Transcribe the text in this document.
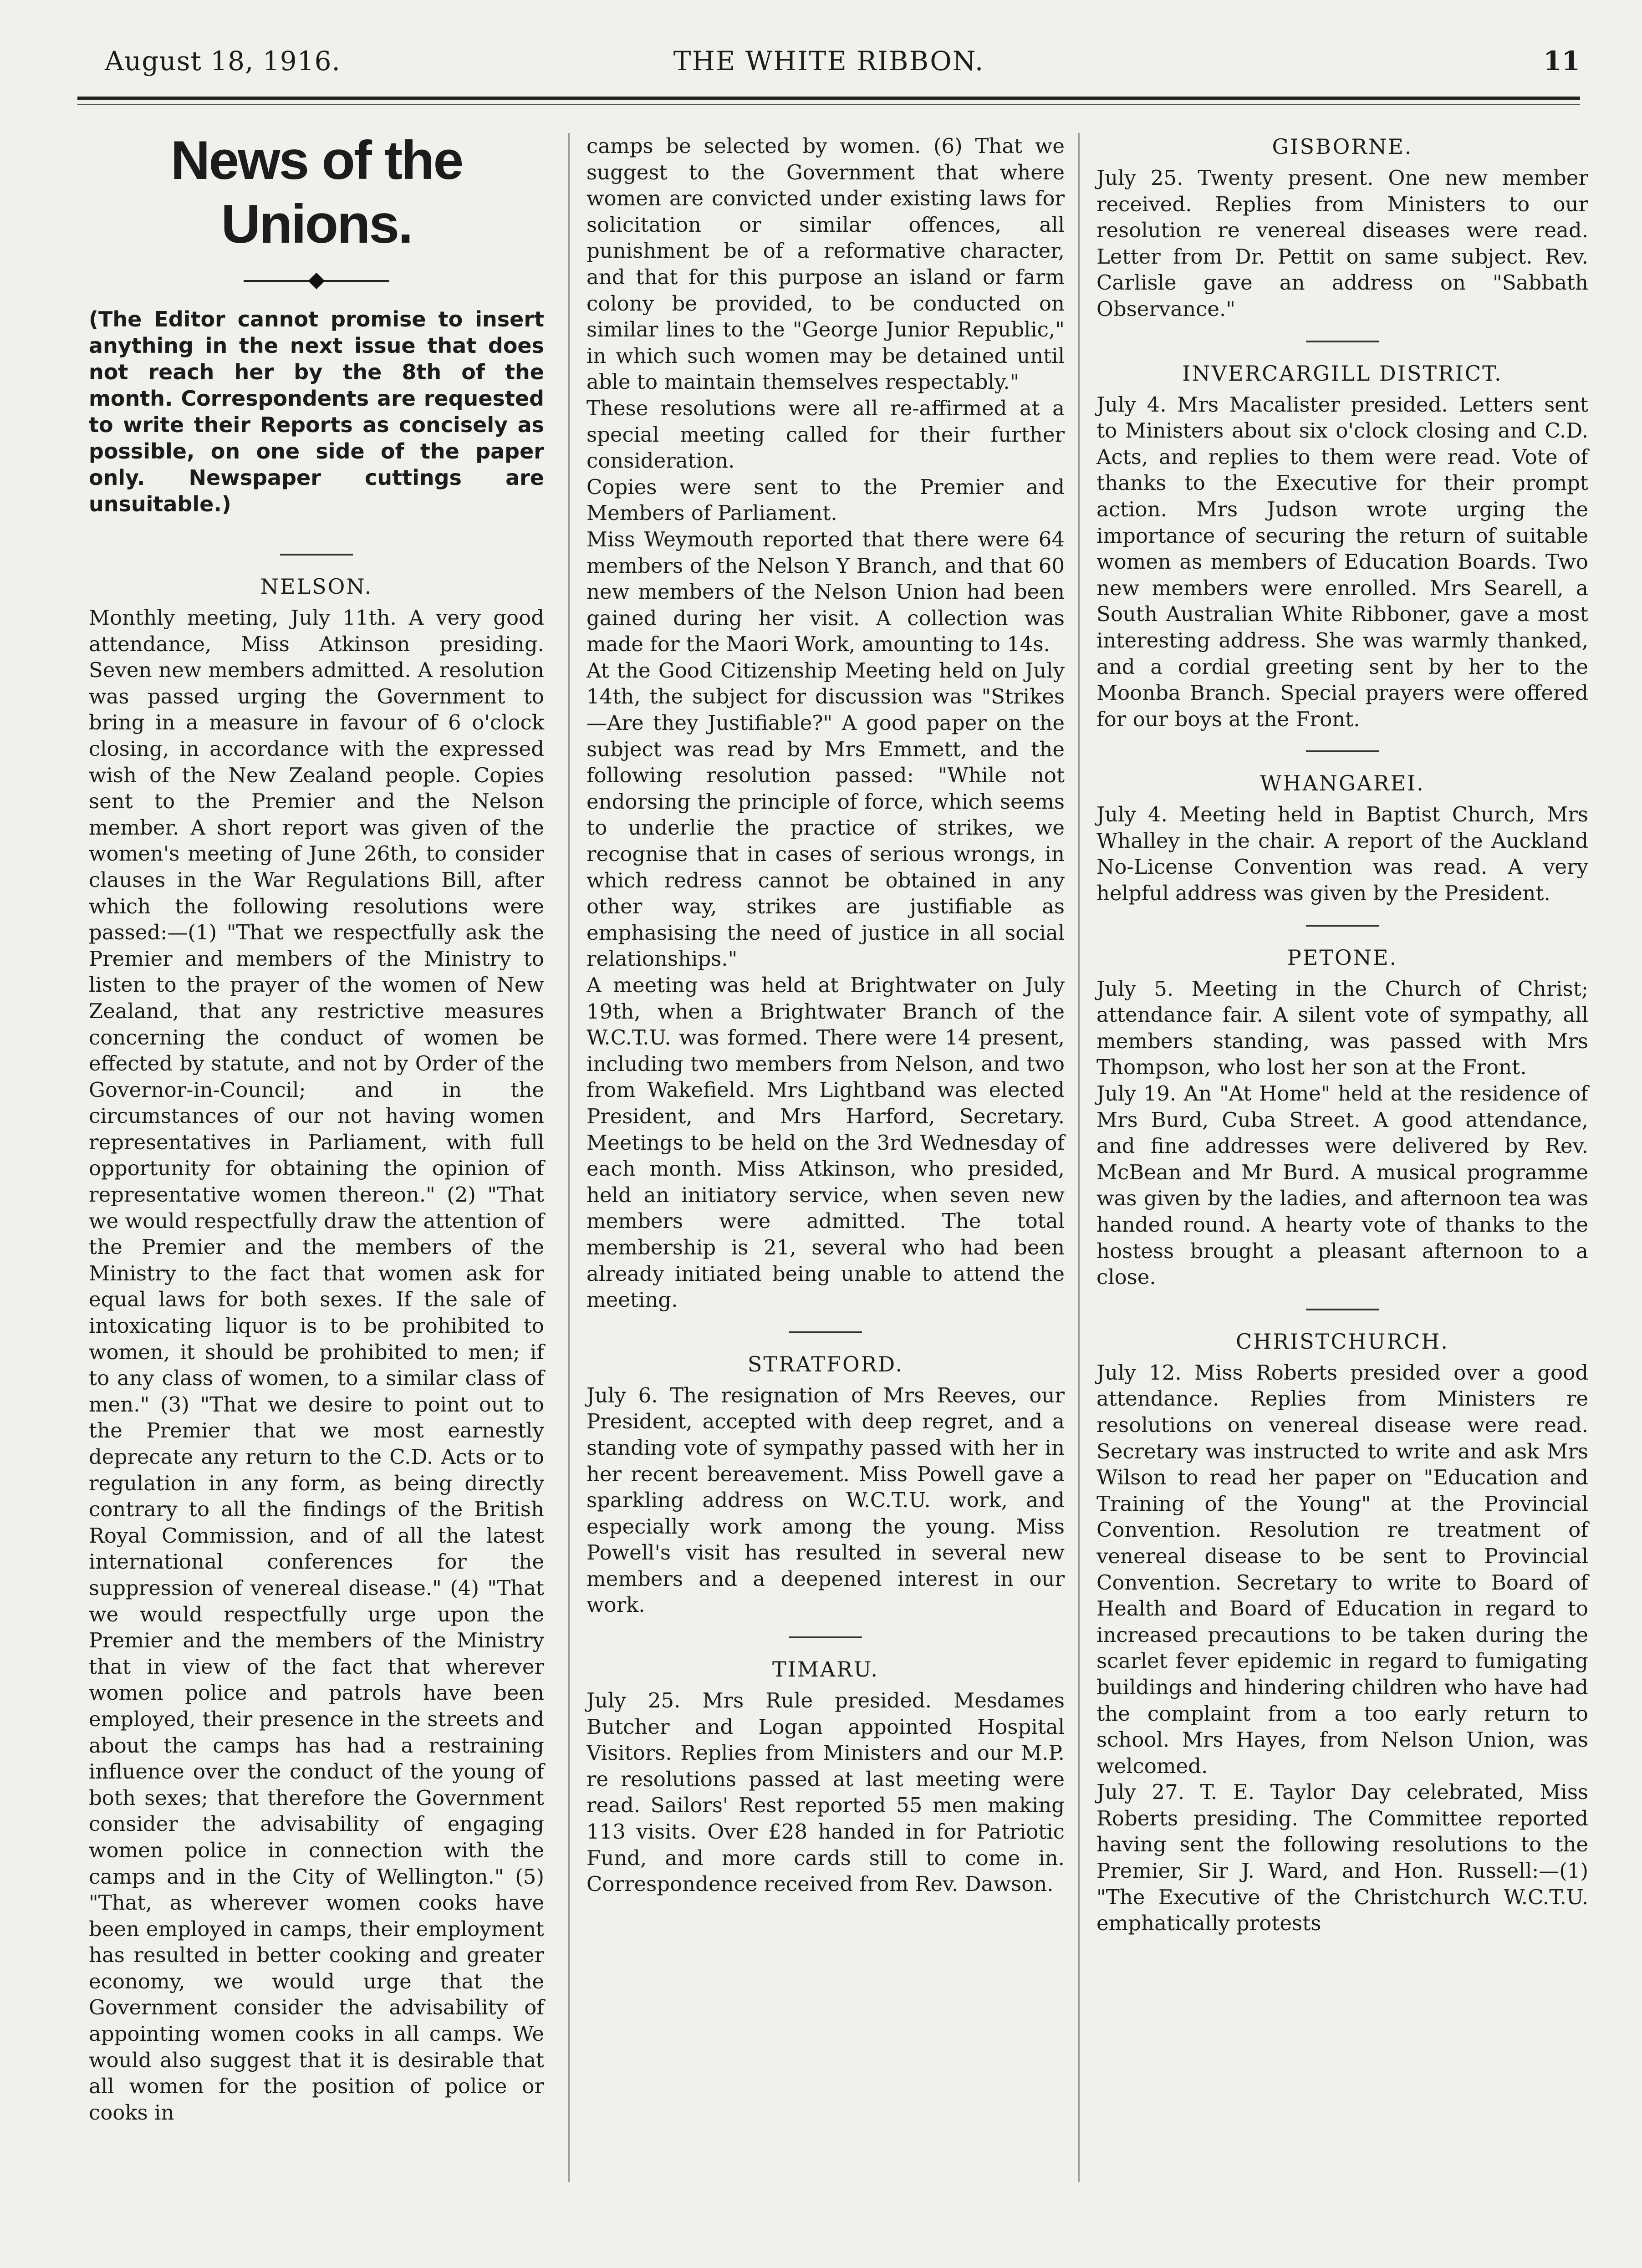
August 18, 1916.	THE WHITE RIBBON.	11
News of the Unions.
(The Editor cannot promise to insert anything in the next issue that does not reach her by the 8th of the month. Correspondents are requested to write their Reports as concisely as possible, on one side of the paper only. Newspaper cuttings are unsuitable.)
NELSON.

Monthly meeting, July 11th. A very good attendance, Miss Atkinson presiding. Seven new members admitted. A resolution was passed urging the Government to bring in a measure in favour of 6 o'clock closing, in accordance with the expressed wish of the New Zealand people. Copies sent to the Premier and the Nelson member. A short report was given of the women's meeting of June 26th, to consider clauses in the War Regulations Bill, after which the following resolutions were passed:—(1) "That we respectfully ask the Premier and members of the Ministry to listen to the prayer of the women of New Zealand, that any restrictive measures concerning the conduct of women be effected by statute, and not by Order of the Governor-in-Council; and in the circumstances of our not having women representatives in Parliament, with full opportunity for obtaining the opinion of representative women thereon." (2) "That we would respectfully draw the attention of the Premier and the members of the Ministry to the fact that women ask for equal laws for both sexes. If the sale of intoxicating liquor is to be prohibited to women, it should be prohibited to men; if to any class of women, to a similar class of men." (3) "That we desire to point out to the Premier that we most earnestly deprecate any return to the C.D. Acts or to regulation in any form, as being directly contrary to all the findings of the British Royal Commission, and of all the latest international conferences for the suppression of venereal disease." (4) "That we would respectfully urge upon the Premier and the members of the Ministry that in view of the fact that wherever women police and patrols have been employed, their presence in the streets and about the camps has had a restraining influence over the conduct of the young of both sexes; that therefore the Government consider the advisability of engaging women police in connection with the camps and in the City of Wellington." (5) "That, as wherever women cooks have been employed in camps, their employment has resulted in better cooking and greater economy, we would urge that the Government consider the advisability of appointing women cooks in all camps. We would also suggest that it is desirable that all women for the position of police or cooks in

camps be selected by women. (6) That we suggest to the Government that where women are convicted under existing laws for solicitation or similar offences, all punishment be of a reformative character, and that for this purpose an island or farm colony be provided, to be conducted on similar lines to the "George Junior Republic," in which such women may be detained until able to maintain themselves respectably."

These resolutions were all re-affirmed at a special meeting called for their further consideration.

Copies were sent to the Premier and Members of Parliament.

Miss Weymouth reported that there were 64 members of the Nelson Y Branch, and that 60 new members of the Nelson Union had been gained during her visit. A collection was made for the Maori Work, amounting to 14s.

At the Good Citizenship Meeting held on July 14th, the subject for discussion was "Strikes—Are they Justifiable?" A good paper on the subject was read by Mrs Emmett, and the following resolution passed: "While not endorsing the principle of force, which seems to underlie the practice of strikes, we recognise that in cases of serious wrongs, in which redress cannot be obtained in any other way, strikes are justifiable as emphasising the need of justice in all social relationships."

A meeting was held at Brightwater on July 19th, when a Brightwater Branch of the W.C.T.U. was formed. There were 14 present, including two members from Nelson, and two from Wakefield. Mrs Lightband was elected President, and Mrs Harford, Secretary. Meetings to be held on the 3rd Wednesday of each month. Miss Atkinson, who presided, held an initiatory service, when seven new members were admitted. The total membership is 21, several who had been already initiated being unable to attend the meeting.

STRATFORD.

July 6. The resignation of Mrs Reeves, our President, accepted with deep regret, and a standing vote of sympathy passed with her in her recent bereavement. Miss Powell gave a sparkling address on W.C.T.U. work, and especially work among the young. Miss Powell's visit has resulted in several new members and a deepened interest in our work.

TIMARU.

July 25. Mrs Rule presided. Mesdames Butcher and Logan appointed Hospital Visitors. Replies from Ministers and our M.P. re resolutions passed at last meeting were read. Sailors' Rest reported 55 men making 113 visits. Over £28 handed in for Patriotic Fund, and more cards still to come in. Correspondence received from Rev. Dawson.

GISBORNE.

July 25. Twenty present. One new member received. Replies from Ministers to our resolution re venereal diseases were read. Letter from Dr. Pettit on same subject. Rev. Carlisle gave an address on "Sabbath Observance."

INVERCARGILL DISTRICT.

July 4. Mrs Macalister presided. Letters sent to Ministers about six o'clock closing and C.D. Acts, and replies to them were read. Vote of thanks to the Executive for their prompt action. Mrs Judson wrote urging the importance of securing the return of suitable women as members of Education Boards. Two new members were enrolled. Mrs Searell, a South Australian White Ribboner, gave a most interesting address. She was warmly thanked, and a cordial greeting sent by her to the Moonba Branch. Special prayers were offered for our boys at the Front.

WHANGAREI.

July 4. Meeting held in Baptist Church, Mrs Whalley in the chair. A report of the Auckland No-License Convention was read. A very helpful address was given by the President.

PETONE.

July 5. Meeting in the Church of Christ; attendance fair. A silent vote of sympathy, all members standing, was passed with Mrs Thompson, who lost her son at the Front.

July 19. An "At Home" held at the residence of Mrs Burd, Cuba Street. A good attendance, and fine addresses were delivered by Rev. McBean and Mr Burd. A musical programme was given by the ladies, and afternoon tea was handed round. A hearty vote of thanks to the hostess brought a pleasant afternoon to a close.

CHRISTCHURCH.

July 12. Miss Roberts presided over a good attendance. Replies from Ministers re resolutions on venereal disease were read. Secretary was instructed to write and ask Mrs Wilson to read her paper on "Education and Training of the Young" at the Provincial Convention. Resolution re treatment of venereal disease to be sent to Provincial Convention. Secretary to write to Board of Health and Board of Education in regard to increased precautions to be taken during the scarlet fever epidemic in regard to fumigating buildings and hindering children who have had the complaint from a too early return to school. Mrs Hayes, from Nelson Union, was welcomed.

July 27. T. E. Taylor Day celebrated, Miss Roberts presiding. The Committee reported having sent the following resolutions to the Premier, Sir J. Ward, and Hon. Russell:—(1) "The Executive of the Christchurch W.C.T.U. emphatically protests
